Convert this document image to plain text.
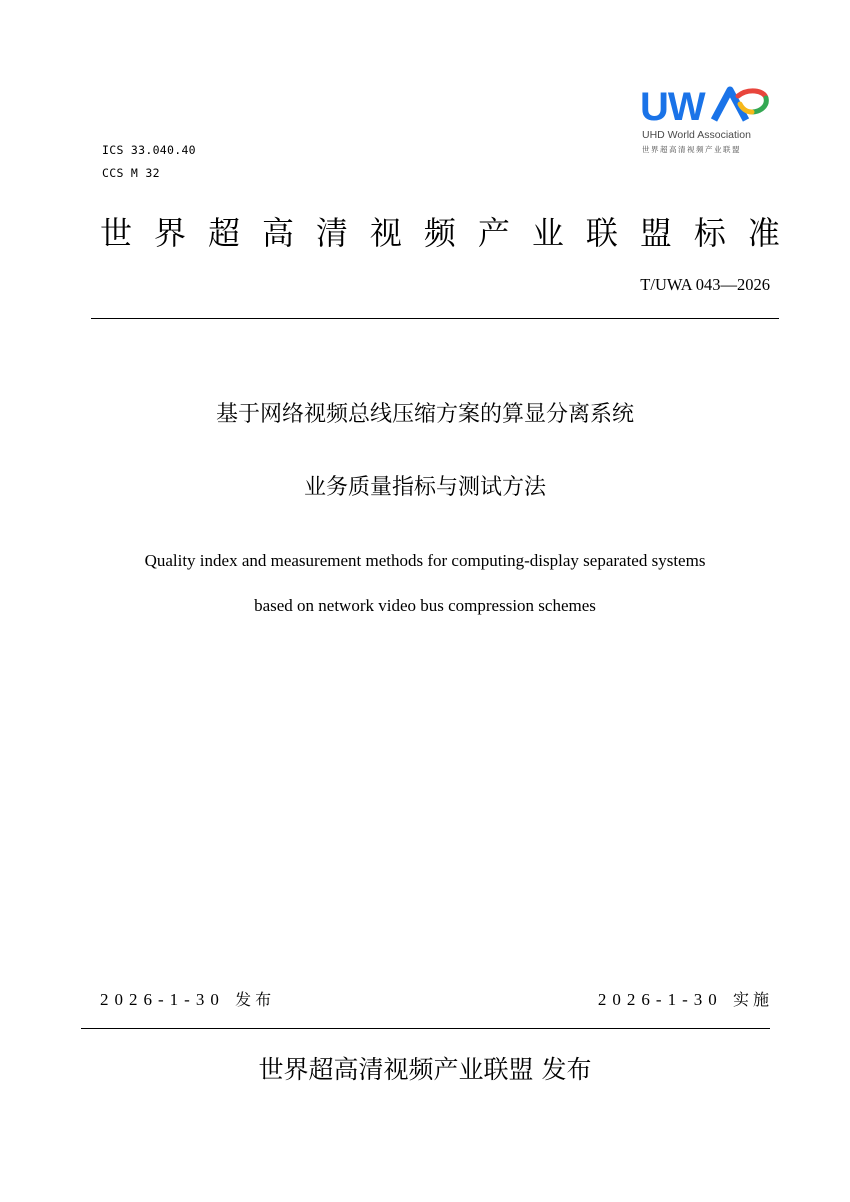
UW
UHD World Association
世界超高清视频产业联盟
ICS 33.040.40
CCS M 32
世 界 超 高 清 视 频 产 业 联 盟 标 准
T/UWA 043—2026
基于网络视频总线压缩方案的算显分离系统
业务质量指标与测试方法
Quality index and measurement methods for computing-display separated systems
based on network video bus compression schemes
2026-1-30 发布	2026-1-30 实施
世界超高清视频产业联盟 发布
